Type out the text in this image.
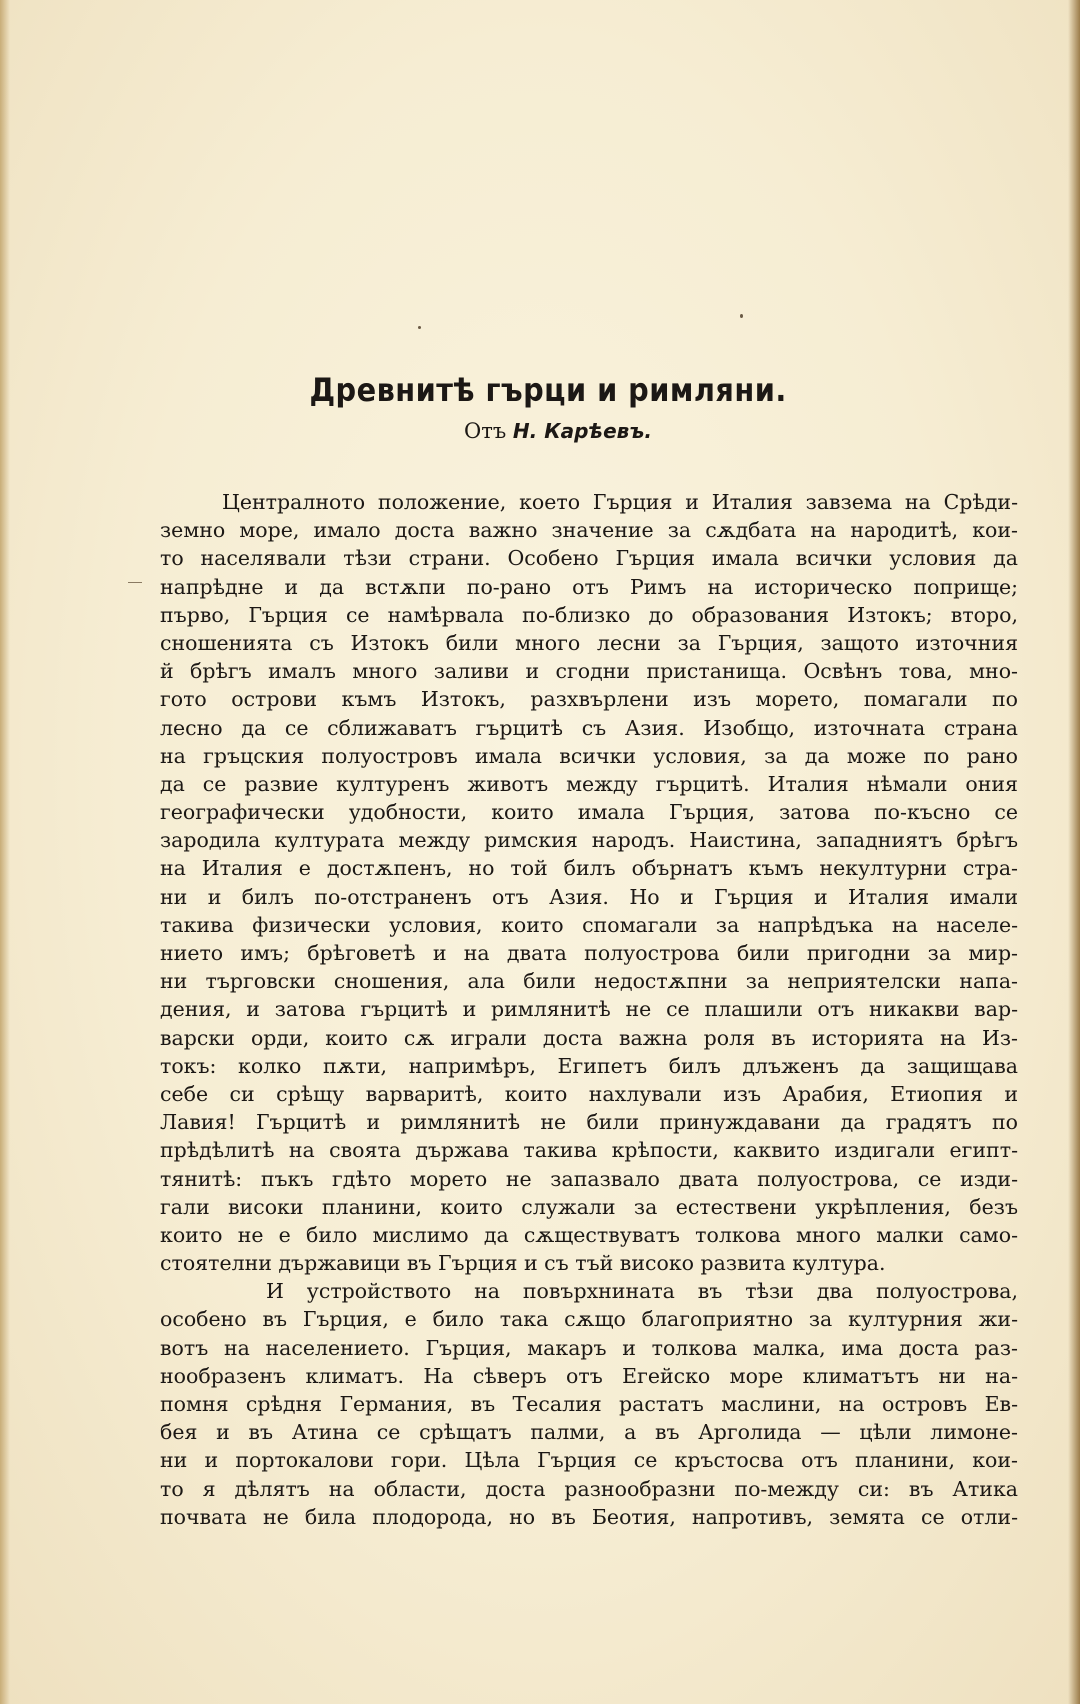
Древнитѣ гърци и римляни.
Отъ Н. Карѣевъ.
Централното положение, което Гърция и Италия завзема на Срѣди-
земно море, имало доста важно значение за сѫдбата на народитѣ, кои-
то населявали тѣзи страни. Особено Гърция имала всички условия да
напрѣдне и да встѫпи по-рано отъ Римъ на историческо поприще;
първо, Гърция се намѣрвала по-близко до образования Изтокъ; второ,
сношенията съ Изтокъ били много лесни за Гърция, защото източния
й брѣгъ ималъ много заливи и сгодни пристанища. Освѣнъ това, мно-
гото острови къмъ Изтокъ, разхвърлени изъ морето, помагали по
лесно да се сближаватъ гърцитѣ съ Азия. Изобщо, източната страна
на гръцския полуостровъ имала всички условия, за да може по рано
да се развие културенъ животъ между гърцитѣ. Италия нѣмали ония
географически удобности, които имала Гърция, затова по-късно се
зародила културата между римския народъ. Наистина, западниятъ брѣгъ
на Италия е достѫпенъ, но той билъ обърнатъ къмъ некултурни стра-
ни и билъ по-отстраненъ отъ Азия. Но и Гърция и Италия имали
такива физически условия, които спомагали за напрѣдъка на населе-
нието имъ; брѣговетѣ и на двата полуострова били пригодни за мир-
ни търговски сношения, ала били недостѫпни за неприятелски напа-
дения, и затова гърцитѣ и римлянитѣ не се плашили отъ никакви вар-
варски орди, които сѫ играли доста важна роля въ историята на Из-
токъ: колко пѫти, напримѣръ, Египетъ билъ длъженъ да защищава
себе си срѣщу варваритѣ, които нахлували изъ Арабия, Етиопия и
Лавия! Гърцитѣ и римлянитѣ не били принуждавани да градятъ по
прѣдѣлитѣ на своята държава такива крѣпости, каквито издигали египт-
тянитѣ: пъкъ гдѣто морето не запазвало двата полуострова, се изди-
гали високи планини, които служали за естествени укрѣпления, безъ
които не е било мислимо да сѫществуватъ толкова много малки само-
стоятелни държавици въ Гърция и съ тъй високо развита култура.
И устройството на повърхнината въ тѣзи два полуострова,
особено въ Гърция, е било така сѫщо благоприятно за културния жи-
вотъ на населението. Гърция, макаръ и толкова малка, има доста раз-
нообразенъ климатъ. На сѣверъ отъ Егейско море климатътъ ни на-
помня срѣдня Германия, въ Тесалия растатъ маслини, на островъ Ев-
бея и въ Атина се срѣщатъ палми, а въ Арголида — цѣли лимоне-
ни и портокалови гори. Цѣла Гърция се кръстосва отъ планини, кои-
то я дѣлятъ на области, доста разнообразни по-между си: въ Атика
почвата не била плодорода, но въ Беотия, напротивъ, земята се отли-
